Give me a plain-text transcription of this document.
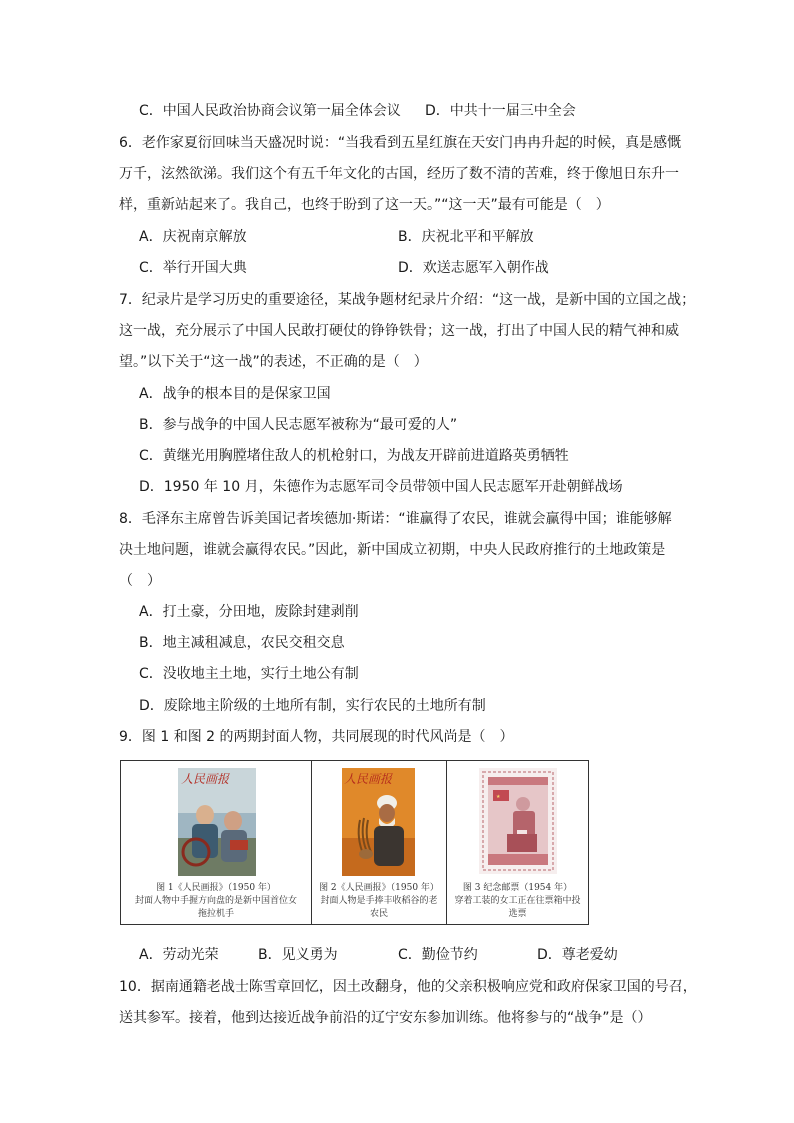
C．中国人民政治协商会议第一届全体会议 D．中共十一届三中全会
6．老作家夏衍回味当天盛况时说：“当我看到五星红旗在天安门冉冉升起的时候，真是感慨
万千，泫然欲涕。我们这个有五千年文化的古国，经历了数不清的苦难，终于像旭日东升一
样，重新站起来了。我自己，也终于盼到了这一天。”“这一天”最有可能是（　）
A．庆祝南京解放	B．庆祝北平和平解放
C．举行开国大典	D．欢送志愿军入朝作战
7．纪录片是学习历史的重要途径，某战争题材纪录片介绍：“这一战，是新中国的立国之战；
这一战，充分展示了中国人民敢打硬仗的铮铮铁骨；这一战，打出了中国人民的精气神和威
望。”以下关于“这一战”的表述，不正确的是（　）
A．战争的根本目的是保家卫国
B．参与战争的中国人民志愿军被称为“最可爱的人”
C．黄继光用胸膛堵住敌人的机枪射口，为战友开辟前进道路英勇牺牲
D．1950 年 10 月，朱德作为志愿军司令员带领中国人民志愿军开赴朝鲜战场
8．毛泽东主席曾告诉美国记者埃德加·斯诺：“谁赢得了农民，谁就会赢得中国；谁能够解
决土地问题，谁就会赢得农民。”因此，新中国成立初期，中央人民政府推行的土地政策是
（　）
A．打土豪，分田地，废除封建剥削
B．地主减租减息，农民交租交息
C．没收地主土地，实行土地公有制
D．废除地主阶级的土地所有制，实行农民的土地所有制
9．图 1 和图 2 的两期封面人物，共同展现的时代风尚是（　）
人民画报
图 1《人民画报》（1950 年）
封面人物中手握方向盘的是新中国首位女
拖拉机手
人民画报
图 2《人民画报》（1950 年）
封面人物是手捧丰收稻谷的老
农民
★
图 3 纪念邮票（1954 年）
穿着工装的女工正在往票箱中投
选票
A．劳动光荣	B．见义勇为	C．勤俭节约	D．尊老爱幼
10．据南通籍老战士陈雪章回忆，因土改翻身，他的父亲积极响应党和政府保家卫国的号召，
送其参军。接着，他到达接近战争前沿的辽宁安东参加训练。他将参与的“战争”是（）
